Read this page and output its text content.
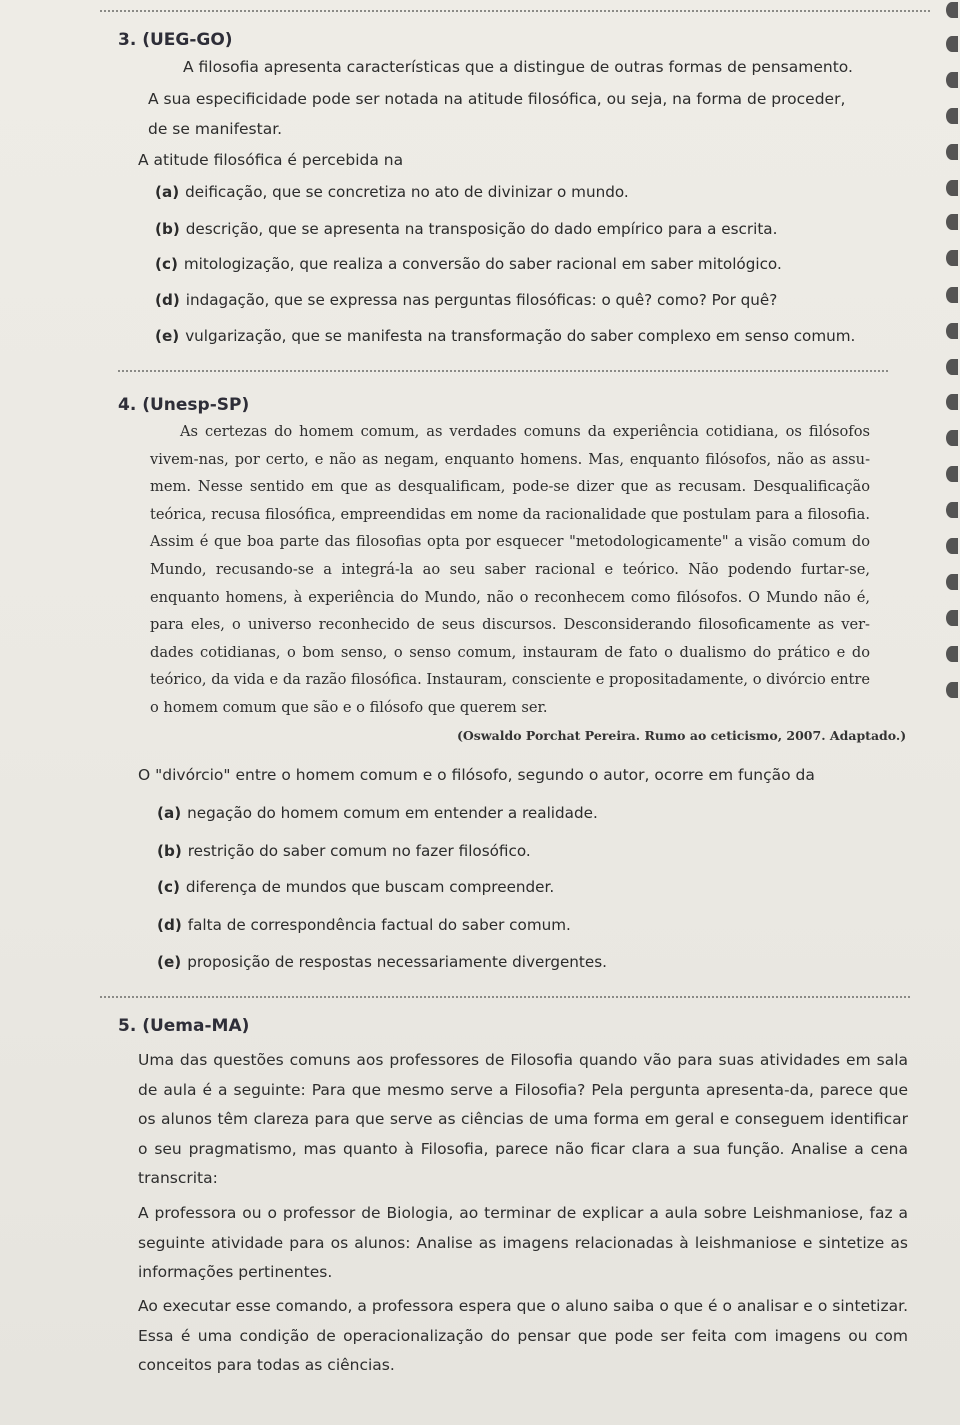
3. (UEG-GO)
A filosofia apresenta características que a distingue de outras formas de pensamento.
A sua especificidade pode ser notada na atitude filosófica, ou seja, na forma de proceder,
de se manifestar.
A atitude filosófica é percebida na
(a) deificação, que se concretiza no ato de divinizar o mundo.
(b) descrição, que se apresenta na transposição do dado empírico para a escrita.
(c) mitologização, que realiza a conversão do saber racional em saber mitológico.
(d) indagação, que se expressa nas perguntas filosóficas: o quê? como? Por quê?
(e) vulgarização, que se manifesta na transformação do saber complexo em senso comum.
4. (Unesp-SP)
As certezas do homem comum, as verdades comuns da experiência cotidiana, os filósofos vivem-nas, por certo, e não as negam, enquanto homens. Mas, enquanto filósofos, não as assu-mem. Nesse sentido em que as desqualificam, pode-se dizer que as recusam. Desqualificação teórica, recusa filosófica, empreendidas em nome da racionalidade que postulam para a filosofia. Assim é que boa parte das filosofias opta por esquecer "metodologicamente" a visão comum do Mundo, recusando-se a integrá-la ao seu saber racional e teórico. Não podendo furtar-se, enquanto homens, à experiência do Mundo, não o reconhecem como filósofos. O Mundo não é, para eles, o universo reconhecido de seus discursos. Desconsiderando filosoficamente as ver-dades cotidianas, o bom senso, o senso comum, instauram de fato o dualismo do prático e do teórico, da vida e da razão filosófica. Instauram, consciente e propositadamente, o divórcio entre o homem comum que são e o filósofo que querem ser.
(Oswaldo Porchat Pereira. Rumo ao ceticismo, 2007. Adaptado.)
O "divórcio" entre o homem comum e o filósofo, segundo o autor, ocorre em função da
(a) negação do homem comum em entender a realidade.
(b) restrição do saber comum no fazer filosófico.
(c) diferença de mundos que buscam compreender.
(d) falta de correspondência factual do saber comum.
(e) proposição de respostas necessariamente divergentes.
5. (Uema-MA)
Uma das questões comuns aos professores de Filosofia quando vão para suas atividades em sala de aula é a seguinte: Para que mesmo serve a Filosofia? Pela pergunta apresenta-da, parece que os alunos têm clareza para que serve as ciências de uma forma em geral e conseguem identificar o seu pragmatismo, mas quanto à Filosofia, parece não ficar clara a sua função. Analise a cena transcrita:
A professora ou o professor de Biologia, ao terminar de explicar a aula sobre Leishmaniose, faz a seguinte atividade para os alunos: Analise as imagens relacionadas à leishmaniose e sintetize as informações pertinentes.
Ao executar esse comando, a professora espera que o aluno saiba o que é o analisar e o sintetizar. Essa é uma condição de operacionalização do pensar que pode ser feita com imagens ou com conceitos para todas as ciências.
